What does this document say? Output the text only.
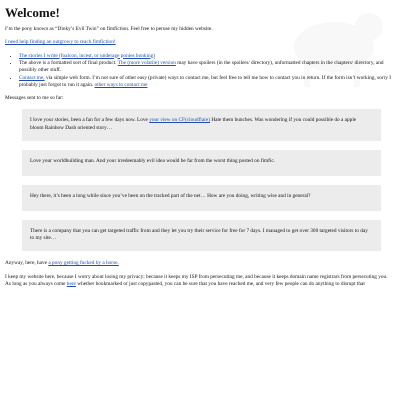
Welcome!

I’m the pony known as “Dinky’s Evil Twin” on fimfiction. Feel free to peruse my hidden website.

I need help finding an outgrowy to reach fimfiction!

• The stories I write (foalcon, incest, or underage ponies bonking)
• The above is a formatted sort of final product. The (more volatile) version may have spoilers (in the spoilers/ directory), unformatted chapters in the chapters/ directory, and possibly other stuff.
• Contact me, via simple web form. I’m not sure of other easy (private) ways to contact me, but feel free to tell me how to contact you in return. If the form isn’t working, sorry I probably just forgot to run it again. other ways to contact me

Messages sent to me so far:

I love your stories, been a fan for a few days now. Love your view on CF(cloudflare) Hate them bunches. Was wondering if you could possible do a apple bloom Rainbow Dash oriented story…
Love your worldbuilding man. And your irredeemably evil idea would be far from the worst thing posted on fimfic.
Hey there, it’s been a long while since you’ve been on the tracked part of the net… How are you doing, writing wise and in general?
There is a company that you can get targeted traffic from and they let you try their service for free for 7 days. I managed to get over 300 targeted visitors to day to my site…

Anyway, here, have a pony getting fucked by a horse.

I keep my website here, because I worry about losing my privacy; because it keeps my ISP from persecuting me, and because it keeps domain name registrars from persecuting you. As long as you always come here whether bookmarked or just copypasted, you can be sure that you have reached me, and very few people can do anything to disrupt that
